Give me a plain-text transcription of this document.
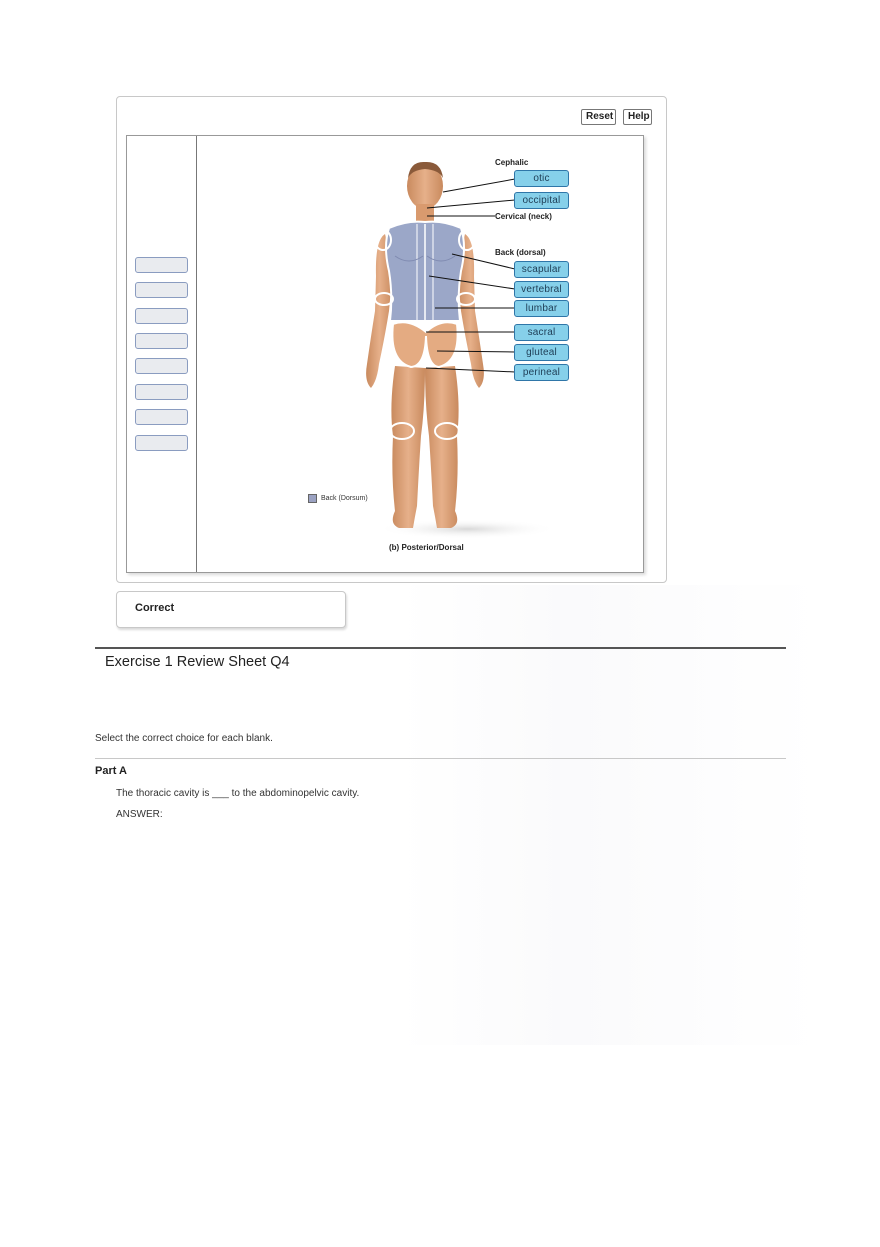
Reset	Help
Cephalic
Cervical (neck)
Back (dorsal)
otic
occipital
scapular
vertebral
lumbar
sacral
gluteal
perineal
Back (Dorsum)
(b) Posterior/Dorsal
Correct
Exercise 1 Review Sheet Q4
Select the correct choice for each blank.
Part A
The thoracic cavity is ___ to the abdominopelvic cavity.
ANSWER:
